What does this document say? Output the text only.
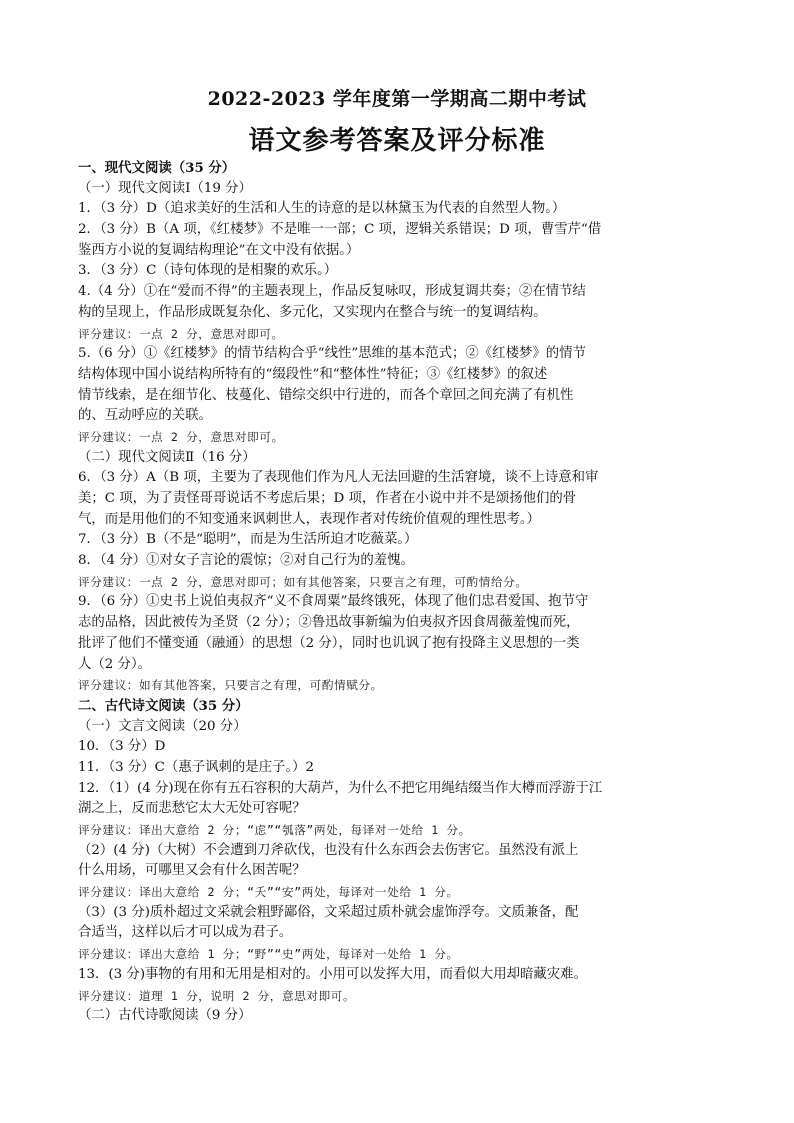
2022-2023 学年度第一学期高二期中考试
语文参考答案及评分标准
一、现代文阅读（35 分）
（一）现代文阅读Ⅰ（19 分）
1．（3 分）D（追求美好的生活和人生的诗意的是以林黛玉为代表的自然型人物。）
2．（3 分）B（A 项，《红楼梦》不是唯一一部；C 项，逻辑关系错误；D 项，曹雪芹“借
鉴西方小说的复调结构理论”在文中没有依据。）
3．（3 分）C（诗句体现的是相聚的欢乐。）
4.（4 分）①在“爱而不得”的主题表现上，作品反复咏叹，形成复调共奏；②在情节结
构的呈现上，作品形成既复杂化、多元化，又实现内在整合与统一的复调结构。
评分建议：一点 2 分，意思对即可。
5.（6 分）①《红楼梦》的情节结构合乎“线性”思维的基本范式；②《红楼梦》的情节
结构体现中国小说结构所特有的“缀段性”和“整体性”特征；③《红楼梦》的叙述
情节线索，是在细节化、枝蔓化、错综交织中行进的，而各个章回之间充满了有机性
的、互动呼应的关联。
评分建议：一点 2 分，意思对即可。
（二）现代文阅读Ⅱ（16 分）
6．（3 分）A（B 项，主要为了表现他们作为凡人无法回避的生活窘境，谈不上诗意和审
美；C 项，为了责怪哥哥说话不考虑后果；D 项，作者在小说中并不是颂扬他们的骨
气，而是用他们的不知变通来讽刺世人，表现作者对传统价值观的理性思考。）
7．（3 分）B（不是“聪明”，而是为生活所迫才吃薇菜。）
8．（4 分）①对女子言论的震惊；②对自己行为的羞愧。
评分建议：一点 2 分，意思对即可；如有其他答案，只要言之有理，可酌情给分。
9．（6 分）①史书上说伯夷叔齐“义不食周粟”最终饿死，体现了他们忠君爱国、抱节守
志的品格，因此被传为圣贤（2 分）；②鲁迅故事新编为伯夷叔齐因食周薇羞愧而死，
批评了他们不懂变通（融通）的思想（2 分），同时也讥讽了抱有投降主义思想的一类
人（2 分）。
评分建议：如有其他答案，只要言之有理，可酌情赋分。
二、古代诗文阅读（35 分）
（一）文言文阅读（20 分）
10．（3 分）D
11．（3 分）C（惠子讽刺的是庄子。）2
12．（1）(4 分)现在你有五石容积的大葫芦，为什么不把它用绳结缀当作大樽而浮游于江
湖之上，反而悲愁它太大无处可容呢？
评分建议：译出大意给 2 分；“虑”“瓠落”两处，每译对一处给 1 分。
（2）(4 分)（大树）不会遭到刀斧砍伐，也没有什么东西会去伤害它。虽然没有派上
什么用场，可哪里又会有什么困苦呢？
评分建议：译出大意给 2 分；“夭”“安”两处，每译对一处给 1 分。
（3）(3 分)质朴超过文采就会粗野鄙俗，文采超过质朴就会虚饰浮夸。文质兼备，配
合适当，这样以后才可以成为君子。
评分建议：译出大意给 1 分；“野”“史”两处，每译对一处给 1 分。
13．(3 分)事物的有用和无用是相对的。小用可以发挥大用，而看似大用却暗藏灾难。
评分建议：道理 1 分，说明 2 分，意思对即可。
（二）古代诗歌阅读（9 分）
